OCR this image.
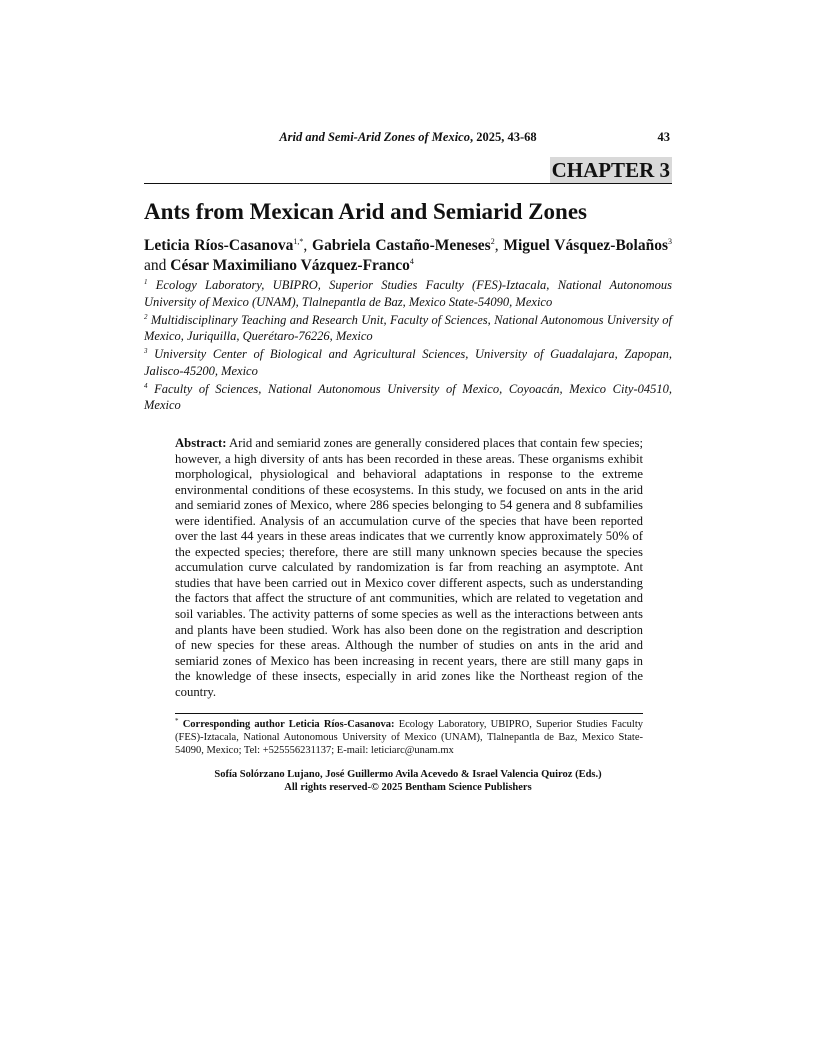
Arid and Semi-Arid Zones of Mexico, 2025, 43-68	43
CHAPTER 3
Ants from Mexican Arid and Semiarid Zones
Leticia Ríos-Casanova$^{1,*}$, Gabriela Castaño-Meneses$^2$, Miguel Vásquez-Bolaños$^3$ and César Maximiliano Vázquez-Franco$^4$

$^1$ Ecology Laboratory, UBIPRO, Superior Studies Faculty (FES)-Iztacala, National Autonomous University of Mexico (UNAM), Tlalnepantla de Baz, Mexico State-54090, Mexico

$^2$ Multidisciplinary Teaching and Research Unit, Faculty of Sciences, National Autonomous University of Mexico, Juriquilla, Querétaro-76226, Mexico

$^3$ University Center of Biological and Agricultural Sciences, University of Guadalajara, Zapopan, Jalisco-45200, Mexico

$^4$ Faculty of Sciences, National Autonomous University of Mexico, Coyoacán, Mexico City-04510, Mexico

Abstract: Arid and semiarid zones are generally considered places that contain few species; however, a high diversity of ants has been recorded in these areas. These organisms exhibit morphological, physiological and behavioral adaptations in response to the extreme environmental conditions of these ecosystems. In this study, we focused on ants in the arid and semiarid zones of Mexico, where 286 species belonging to 54 genera and 8 subfamilies were identified. Analysis of an accumulation curve of the species that have been reported over the last 44 years in these areas indicates that we currently know approximately 50% of the expected species; therefore, there are still many unknown species because the species accumulation curve calculated by randomization is far from reaching an asymptote. Ant studies that have been carried out in Mexico cover different aspects, such as understanding the factors that affect the structure of ant communities, which are related to vegetation and soil variables. The activity patterns of some species as well as the interactions between ants and plants have been studied. Work has also been done on the registration and description of new species for these areas. Although the number of studies on ants in the arid and semiarid zones of Mexico has been increasing in recent years, there are still many gaps in the knowledge of these insects, especially in arid zones like the Northeast region of the country.

* Corresponding author Leticia Ríos-Casanova: Ecology Laboratory, UBIPRO, Superior Studies Faculty (FES)-Iztacala, National Autonomous University of Mexico (UNAM), Tlalnepantla de Baz, Mexico State-54090, Mexico; Tel: +525556231137; E-mail: leticiarc@unam.mx
Sofía Solórzano Lujano, José Guillermo Avila Acevedo & Israel Valencia Quiroz (Eds.)
All rights reserved-© 2025 Bentham Science Publishers
